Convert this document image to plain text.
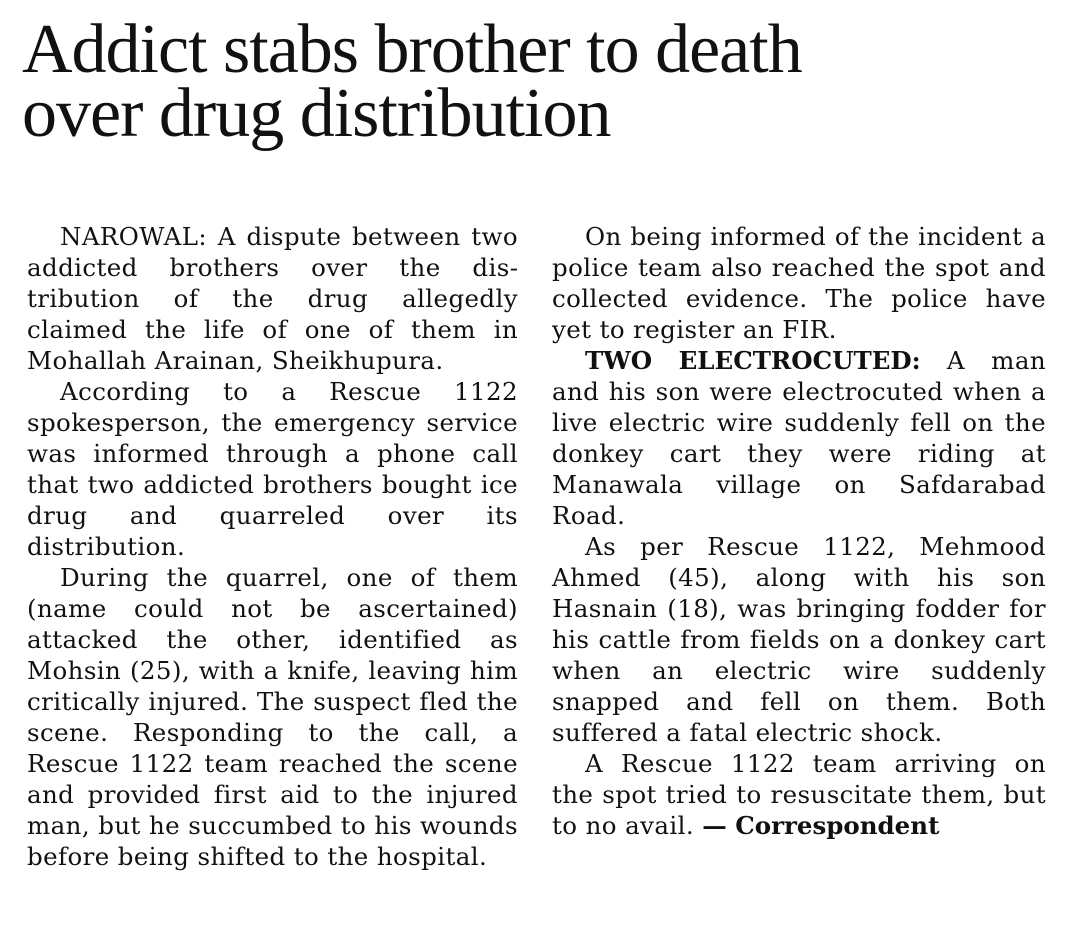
Addict stabs brother to death
over drug distribution

NAROWAL: A dispute between two addicted brothers over the distribution of the drug allegedly claimed the life of one of them in Mohallah Arainan, Sheikhupura.

According to a Rescue 1122 spokesperson, the emergency service was informed through a phone call that two addicted brothers bought ice drug and quarreled over its distribution.

During the quarrel, one of them (name could not be ascertained) attacked the other, identified as Mohsin (25), with a knife, leaving him critically injured. The suspect fled the scene. Responding to the call, a Rescue 1122 team reached the scene and provided first aid to the injured man, but he succumbed to his wounds before being shifted to the hospital.

On being informed of the incident a police team also reached the spot and collected evidence. The police have yet to register an FIR.

TWO ELECTROCUTED: A man and his son were electrocuted when a live electric wire suddenly fell on the donkey cart they were riding at Manawala village on Safdarabad Road.

As per Rescue 1122, Mehmood Ahmed (45), along with his son Hasnain (18), was bringing fodder for his cattle from fields on a donkey cart when an electric wire suddenly snapped and fell on them. Both suffered a fatal electric shock.

A Rescue 1122 team arriving on the spot tried to resuscitate them, but to no avail. — Correspondent
